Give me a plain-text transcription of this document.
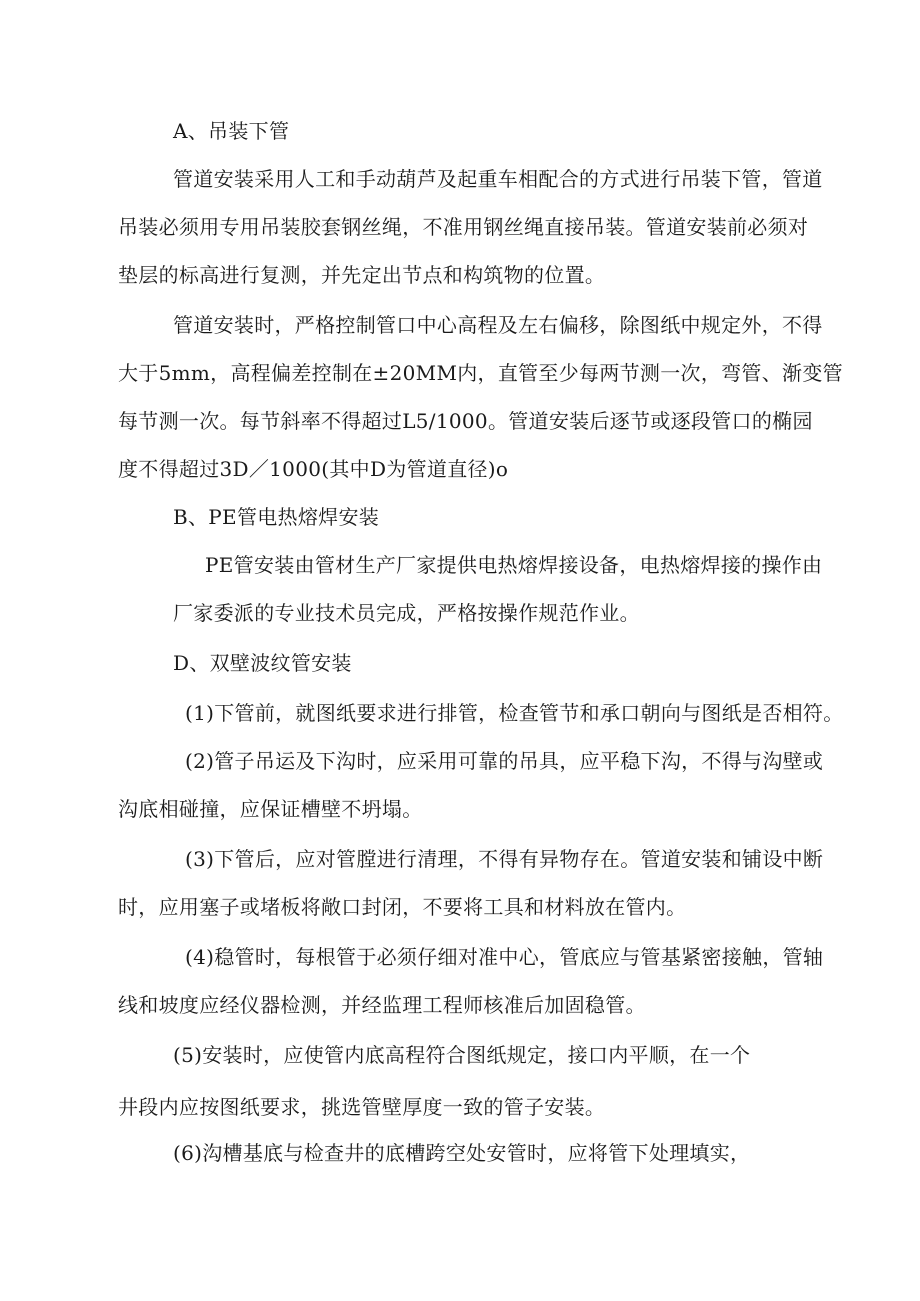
A、吊装下管
管道安装采用人工和手动葫芦及起重车相配合的方式进行吊装下管，管道
吊装必须用专用吊装胶套钢丝绳，不准用钢丝绳直接吊装。管道安装前必须对
垫层的标高进行复测，并先定出节点和构筑物的位置。
管道安装时，严格控制管口中心高程及左右偏移，除图纸中规定外，不得
大于5mm，高程偏差控制在±20MM内，直管至少每两节测一次，弯管、渐变管
每节测一次。每节斜率不得超过L5/1000。管道安装后逐节或逐段管口的椭园
度不得超过3D／1000(其中D为管道直径)o
B、PE管电热熔焊安装
PE管安装由管材生产厂家提供电热熔焊接设备，电热熔焊接的操作由
厂家委派的专业技术员完成，严格按操作规范作业。
D、双壁波纹管安装
(1)下管前，就图纸要求进行排管，检查管节和承口朝向与图纸是否相符。
(2)管子吊运及下沟时，应采用可靠的吊具，应平稳下沟，不得与沟壁或
沟底相碰撞，应保证槽壁不坍塌。
(3)下管后，应对管膛进行清理，不得有异物存在。管道安装和铺设中断
时，应用塞子或堵板将敞口封闭，不要将工具和材料放在管内。
(4)稳管时，每根管于必须仔细对准中心，管底应与管基紧密接触，管轴
线和坡度应经仪器检测，并经监理工程师核准后加固稳管。
(5)安装时，应使管内底高程符合图纸规定，接口内平顺，在一个
井段内应按图纸要求，挑选管壁厚度一致的管子安装。
(6)沟槽基底与检查井的底槽跨空处安管时，应将管下处理填实，
